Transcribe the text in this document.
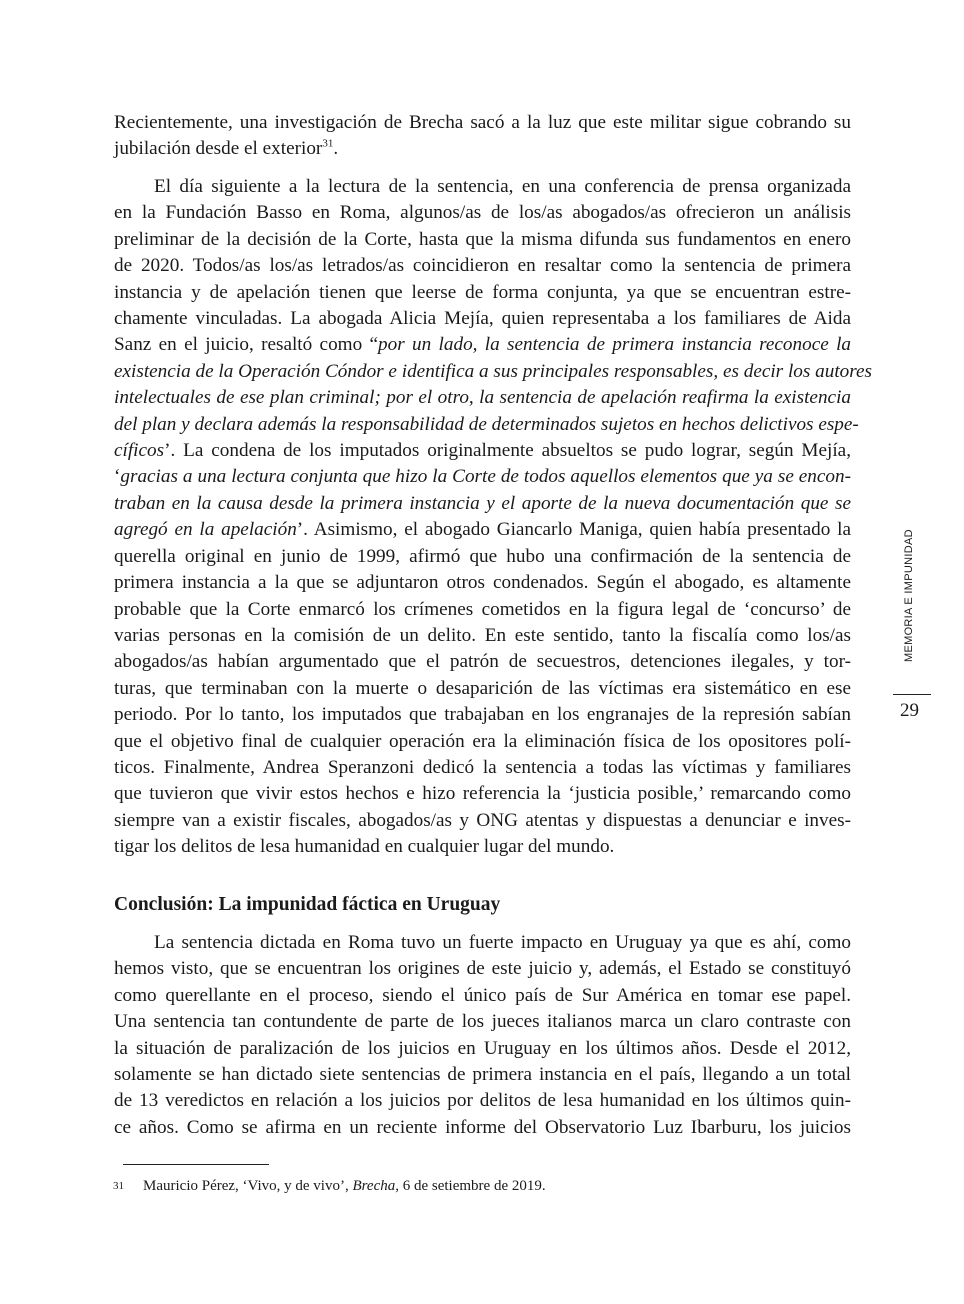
Recientemente, una investigación de Brecha sacó a la luz que este militar sigue cobrando su
jubilación desde el exterior$^{31}$.
El día siguiente a la lectura de la sentencia, en una conferencia de prensa organizada
en la Fundación Basso en Roma, algunos/as de los/as abogados/as ofrecieron un análisis
preliminar de la decisión de la Corte, hasta que la misma difunda sus fundamentos en enero
de 2020. Todos/as los/as letrados/as coincidieron en resaltar como la sentencia de primera
instancia y de apelación tienen que leerse de forma conjunta, ya que se encuentran estre-
chamente vinculadas. La abogada Alicia Mejía, quien representaba a los familiares de Aida
Sanz en el juicio, resaltó como “por un lado, la sentencia de primera instancia reconoce la
existencia de la Operación Cóndor e identifica a sus principales responsables, es decir los autores
intelectuales de ese plan criminal; por el otro, la sentencia de apelación reafirma la existencia
del plan y declara además la responsabilidad de determinados sujetos en hechos delictivos espe-
cíficos’. La condena de los imputados originalmente absueltos se pudo lograr, según Mejía,
‘gracias a una lectura conjunta que hizo la Corte de todos aquellos elementos que ya se encon-
traban en la causa desde la primera instancia y el aporte de la nueva documentación que se
agregó en la apelación’. Asimismo, el abogado Giancarlo Maniga, quien había presentado la
querella original en junio de 1999, afirmó que hubo una confirmación de la sentencia de
primera instancia a la que se adjuntaron otros condenados. Según el abogado, es altamente
probable que la Corte enmarcó los crímenes cometidos en la figura legal de ‘concurso’ de
varias personas en la comisión de un delito. En este sentido, tanto la fiscalía como los/as
abogados/as habían argumentado que el patrón de secuestros, detenciones ilegales, y tor-
turas, que terminaban con la muerte o desaparición de las víctimas era sistemático en ese
periodo. Por lo tanto, los imputados que trabajaban en los engranajes de la represión sabían
que el objetivo final de cualquier operación era la eliminación física de los opositores polí-
ticos. Finalmente, Andrea Speranzoni dedicó la sentencia a todas las víctimas y familiares
que tuvieron que vivir estos hechos e hizo referencia la ‘justicia posible,’ remarcando como
siempre van a existir fiscales, abogados/as y ONG atentas y dispuestas a denunciar e inves-
tigar los delitos de lesa humanidad en cualquier lugar del mundo.
Conclusión: La impunidad fáctica en Uruguay
La sentencia dictada en Roma tuvo un fuerte impacto en Uruguay ya que es ahí, como
hemos visto, que se encuentran los origines de este juicio y, además, el Estado se constituyó
como querellante en el proceso, siendo el único país de Sur América en tomar ese papel.
Una sentencia tan contundente de parte de los jueces italianos marca un claro contraste con
la situación de paralización de los juicios en Uruguay en los últimos años. Desde el 2012,
solamente se han dictado siete sentencias de primera instancia en el país, llegando a un total
de 13 veredictos en relación a los juicios por delitos de lesa humanidad en los últimos quin-
ce años. Como se afirma en un reciente informe del Observatorio Luz Ibarburu, los juicios
31 Mauricio Pérez, ‘Vivo, y de vivo’, Brecha, 6 de setiembre de 2019.
MEMORIA E IMPUNIDAD
29
